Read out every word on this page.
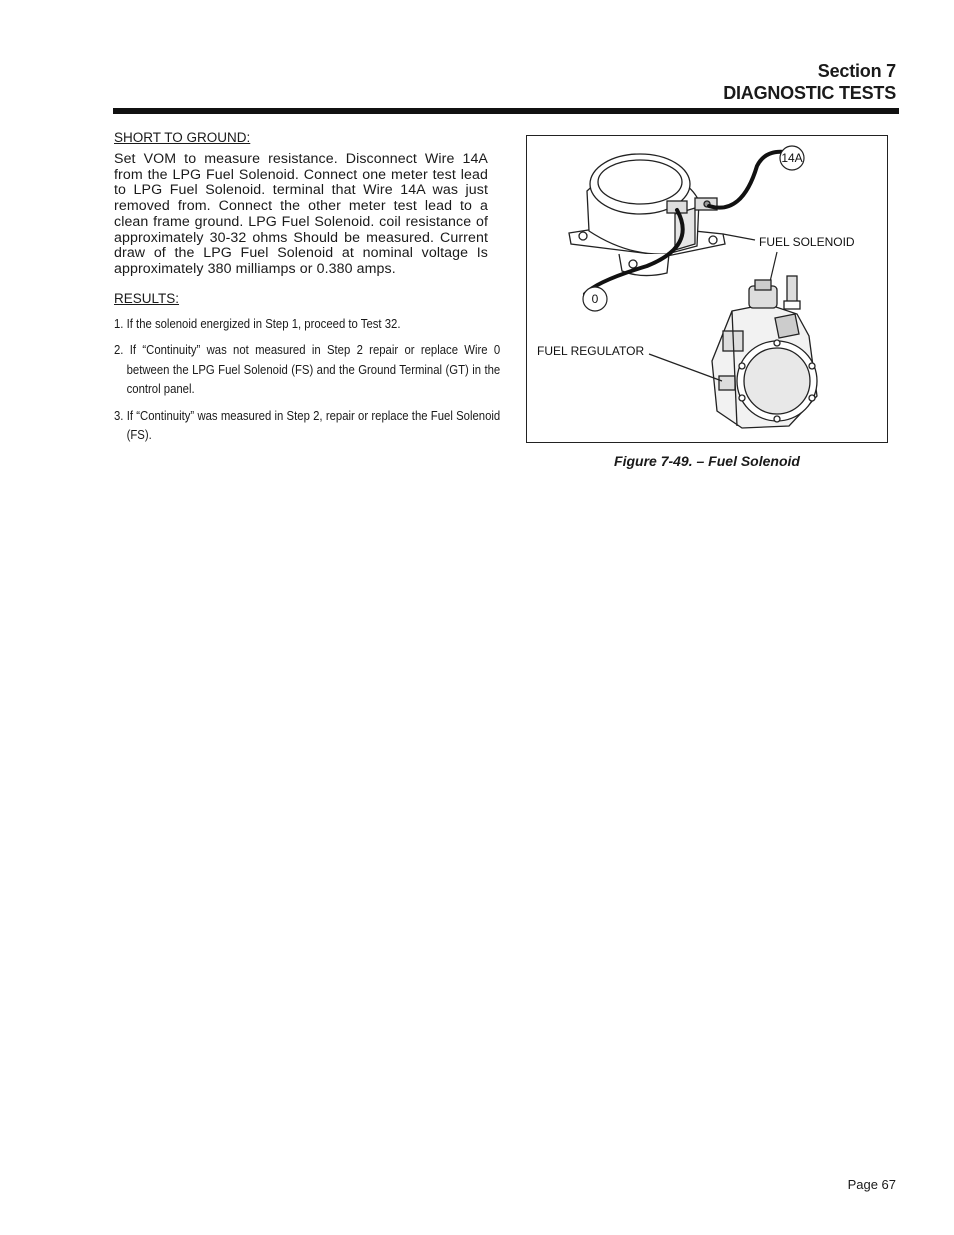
Section 7
DIAGNOSTIC TESTS

SHORT TO GROUND:

Set VOM to measure resistance. Disconnect Wire 14A from the LPG Fuel Solenoid. Connect one meter test lead to LPG Fuel Solenoid. terminal that Wire 14A was just removed from. Connect the other meter test lead to a clean frame ground. LPG Fuel Solenoid. coil resistance of approximately 30-32 ohms Should be measured. Current draw of the LPG Fuel Solenoid at nominal voltage Is approximately 380 milliamps or 0.380 amps.

RESULTS:

1. If the solenoid energized in Step 1, proceed to Test 32.
2. If “Continuity” was not measured in Step 2 repair or replace Wire 0 between the LPG Fuel Solenoid (FS) and the Ground Terminal (GT) in the control panel.
3. If “Continuity” was measured in Step 2, repair or replace the Fuel Solenoid (FS).
14A
0
FUEL SOLENOID
FUEL REGULATOR
Figure 7-49. – Fuel Solenoid
Page 67
